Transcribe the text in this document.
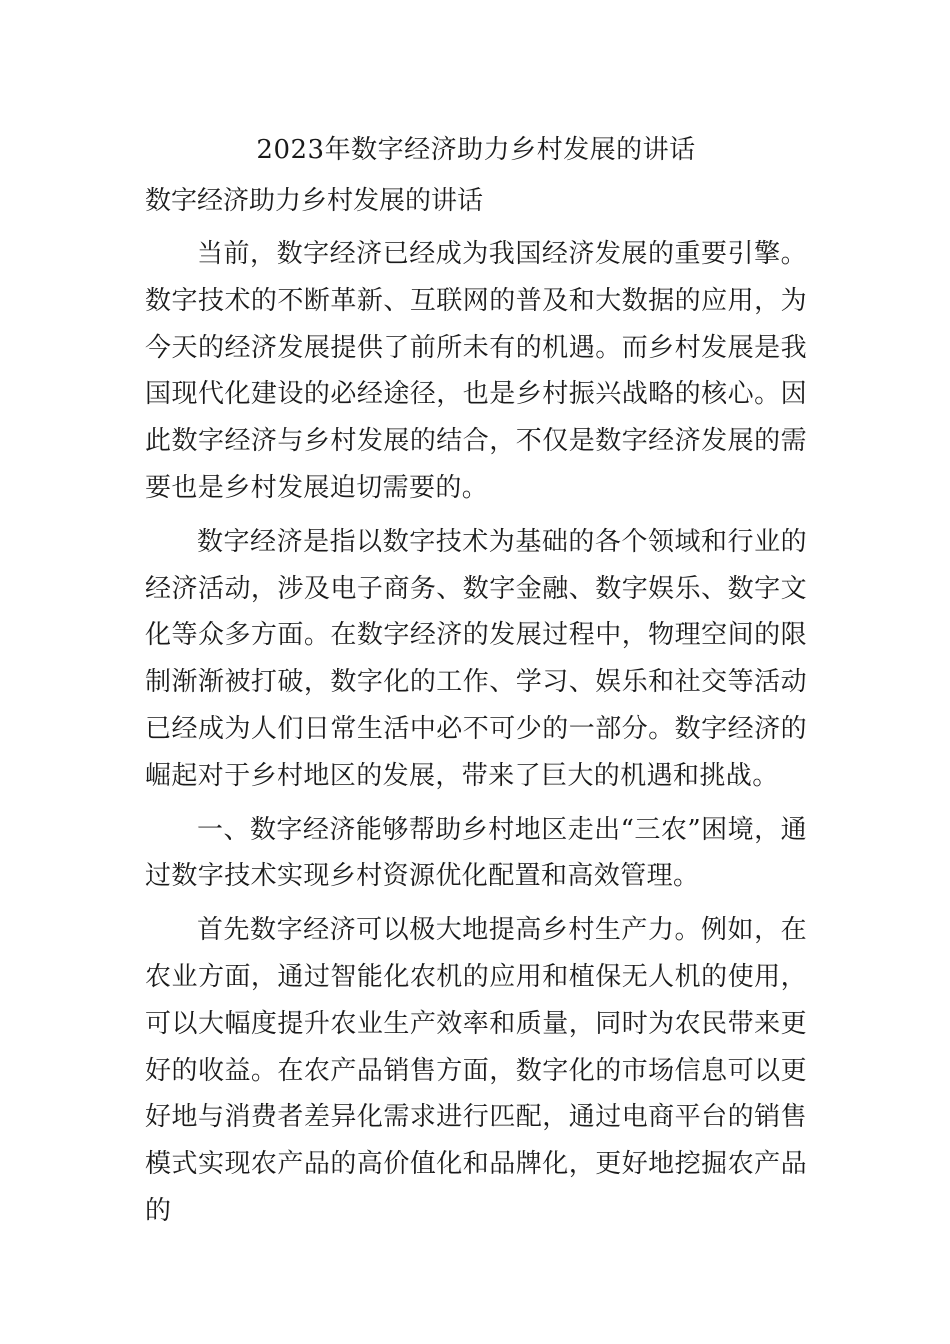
2023年数字经济助力乡村发展的讲话

数字经济助力乡村发展的讲话

当前，数字经济已经成为我国经济发展的重要引擎。数字技术的不断革新、互联网的普及和大数据的应用，为今天的经济发展提供了前所未有的机遇。而乡村发展是我国现代化建设的必经途径，也是乡村振兴战略的核心。因此数字经济与乡村发展的结合，不仅是数字经济发展的需要也是乡村发展迫切需要的。

数字经济是指以数字技术为基础的各个领域和行业的经济活动，涉及电子商务、数字金融、数字娱乐、数字文化等众多方面。在数字经济的发展过程中，物理空间的限制渐渐被打破，数字化的工作、学习、娱乐和社交等活动已经成为人们日常生活中必不可少的一部分。数字经济的崛起对于乡村地区的发展，带来了巨大的机遇和挑战。

一、数字经济能够帮助乡村地区走出“三农”困境，通过数字技术实现乡村资源优化配置和高效管理。

首先数字经济可以极大地提高乡村生产力。例如，在农业方面，通过智能化农机的应用和植保无人机的使用，可以大幅度提升农业生产效率和质量，同时为农民带来更好的收益。在农产品销售方面，数字化的市场信息可以更好地与消费者差异化需求进行匹配，通过电商平台的销售模式实现农产品的高价值化和品牌化，更好地挖掘农产品的
